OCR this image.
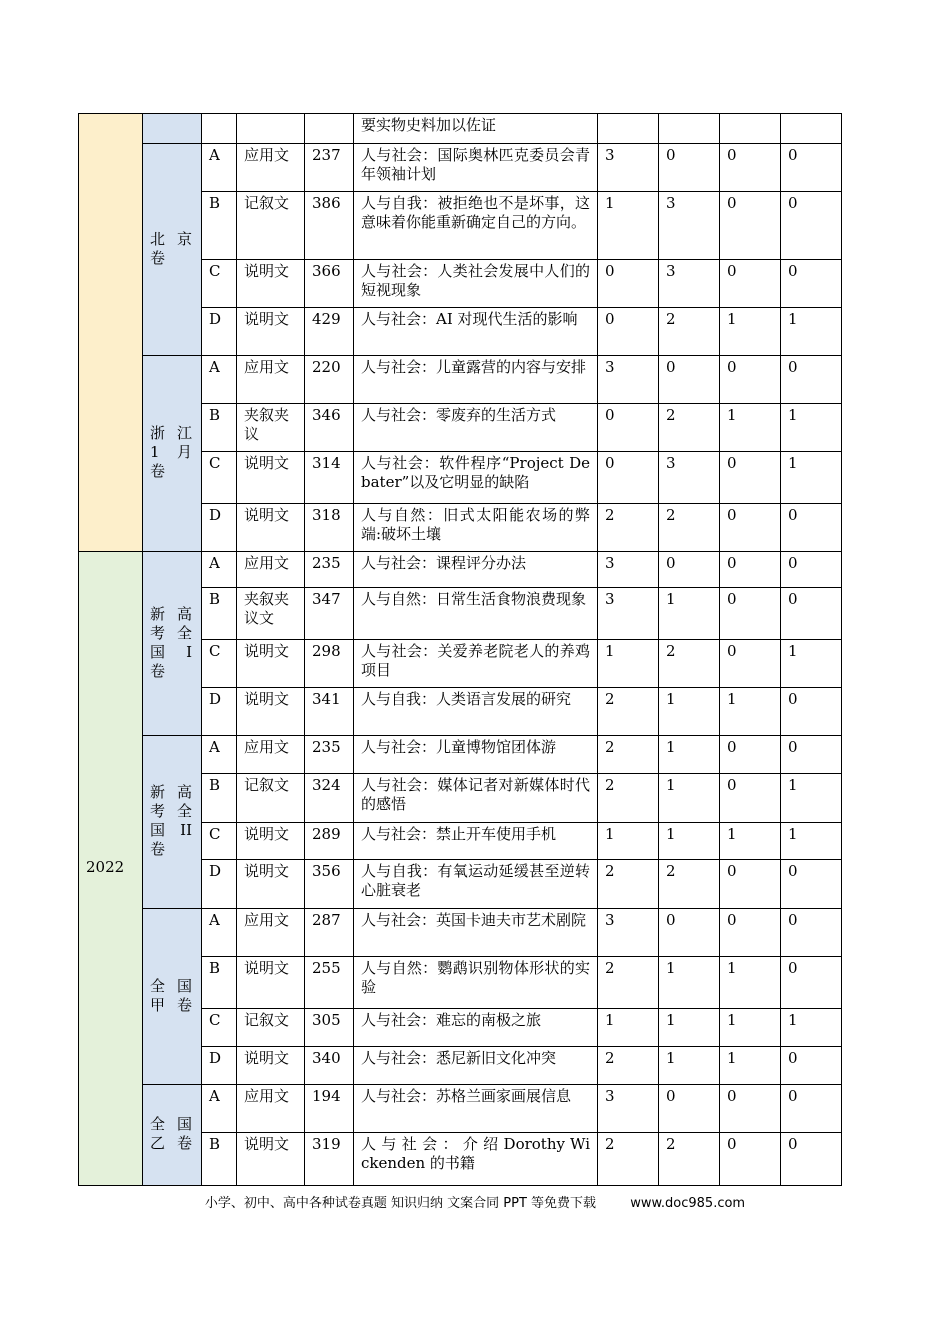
					要实物史料加以佐证				

	北 京
卷	A	应用文	237	人与社会：国际奥林匹克委员会青年领袖计划	3	0	0	0
		B	记叙文	386	人与自我：被拒绝也不是坏事，这意味着你能重新确定自己的方向。	1	3	0	0
		C	说明文	366	人与社会：人类社会发展中人们的短视现象	0	3	0	0
		D	说明文	429	人与社会：AI 对现代生活的影响	0	2	1	1

	浙 江
1 月
卷	A	应用文	220	人与社会：儿童露营的内容与安排	3	0	0	0
		B	夹叙夹议	346	人与社会：零废弃的生活方式	0	2	1	1
		C	说明文	314	人与社会：软件程序“Project Debater”以及它明显的缺陷	0	3	0	1
		D	说明文	318	人与自然：旧式太阳能农场的弊端:破坏土壤	2	2	0	0
2022	新 高
考 全
国 I
卷	A	应用文	235	人与社会：课程评分办法	3	0	0	0
		B	夹叙夹议文	347	人与自然：日常生活食物浪费现象	3	1	0	0
		C	说明文	298	人与社会：关爱养老院老人的养鸡项目	1	2	0	1
		D	说明文	341	人与自我：人类语言发展的研究	2	1	1	0

	新 高
考 全
国 II
卷	A	应用文	235	人与社会：儿童博物馆团体游	2	1	0	0
		B	记叙文	324	人与社会：媒体记者对新媒体时代的感悟	2	1	0	1
		C	说明文	289	人与社会：禁止开车使用手机	1	1	1	1
		D	说明文	356	人与自我：有氧运动延缓甚至逆转心脏衰老	2	2	0	0

	全 国
甲卷	A	应用文	287	人与社会：英国卡迪夫市艺术剧院	3	0	0	0
		B	说明文	255	人与自然：鹦鹉识别物体形状的实验	2	1	1	0
		C	记叙文	305	人与社会：难忘的南极之旅	1	1	1	1
		D	说明文	340	人与社会：悉尼新旧文化冲突	2	1	1	0

	全 国
乙卷	A	应用文	194	人与社会：苏格兰画家画展信息	3	0	0	0
		B	说明文	319	人 与 社 会 ： 介 绍 Dorothy Wickenden 的书籍	2	2	0	0
小学、初中、高中各种试卷真题 知识归纳 文案合同 PPT 等免费下载	www.doc985.com
